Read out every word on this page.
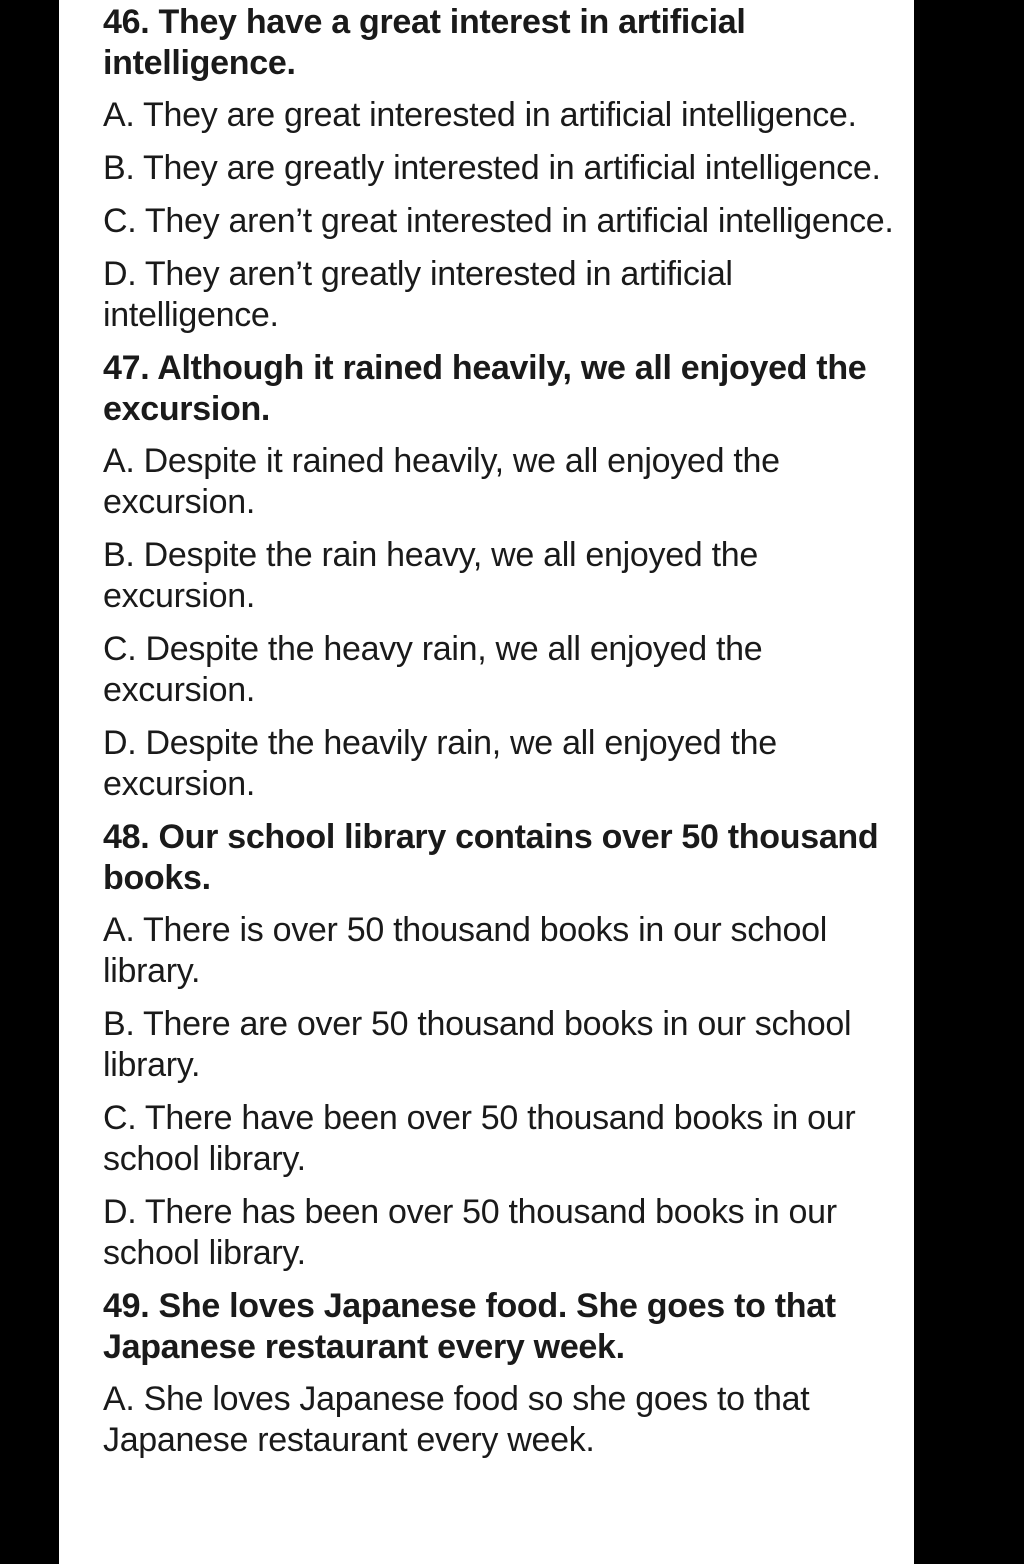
46. They have a great interest in artificial intelligence.
A. They are great interested in artificial intelligence.
B. They are greatly interested in artificial intelligence.
C. They aren’t great interested in artificial intelligence.
D. They aren’t greatly interested in artificial intelligence.
47. Although it rained heavily, we all enjoyed the excursion.
A. Despite it rained heavily, we all enjoyed the excursion.
B. Despite the rain heavy, we all enjoyed the excursion.
C. Despite the heavy rain, we all enjoyed the excursion.
D. Despite the heavily rain, we all enjoyed the excursion.
48. Our school library contains over 50 thousand books.
A. There is over 50 thousand books in our school library.
B. There are over 50 thousand books in our school library.
C. There have been over 50 thousand books in our school library.
D. There has been over 50 thousand books in our school library.
49. She loves Japanese food. She goes to that Japanese restaurant every week.
A. She loves Japanese food so she goes to that Japanese restaurant every week.
